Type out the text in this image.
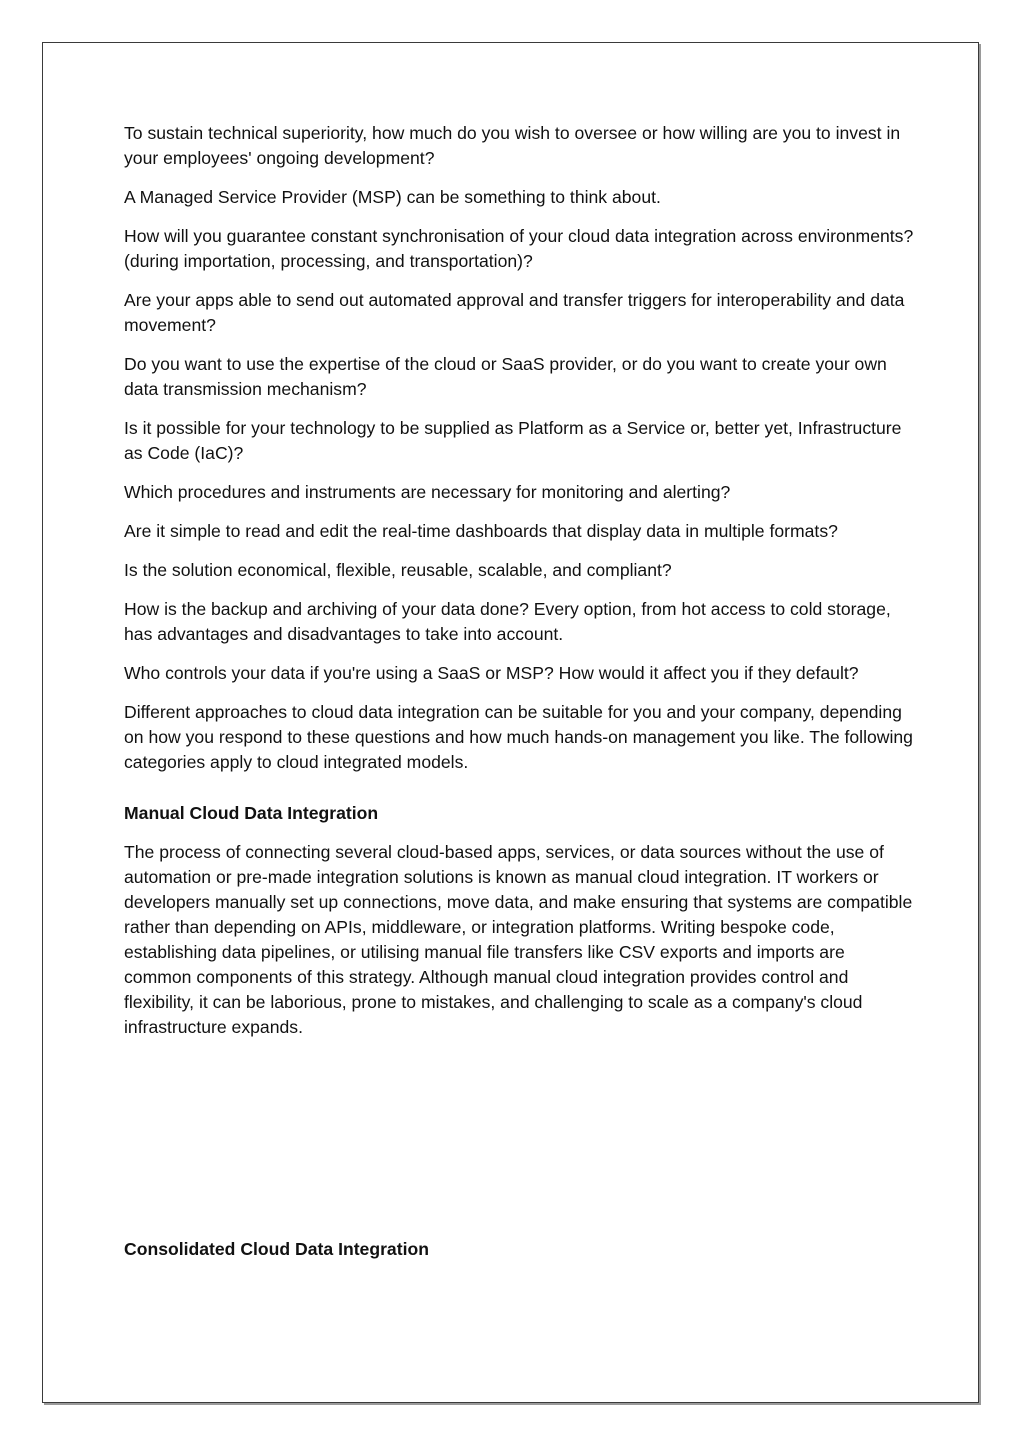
To sustain technical superiority, how much do you wish to oversee or how willing are you to invest in your employees' ongoing development?

A Managed Service Provider (MSP) can be something to think about.

How will you guarantee constant synchronisation of your cloud data integration across environments? (during importation, processing, and transportation)?

Are your apps able to send out automated approval and transfer triggers for interoperability and data movement?

Do you want to use the expertise of the cloud or SaaS provider, or do you want to create your own data transmission mechanism?

Is it possible for your technology to be supplied as Platform as a Service or, better yet, Infrastructure as Code (IaC)?

Which procedures and instruments are necessary for monitoring and alerting?

Are it simple to read and edit the real-time dashboards that display data in multiple formats?

Is the solution economical, flexible, reusable, scalable, and compliant?

How is the backup and archiving of your data done? Every option, from hot access to cold storage, has advantages and disadvantages to take into account.

Who controls your data if you're using a SaaS or MSP? How would it affect you if they default?

Different approaches to cloud data integration can be suitable for you and your company, depending on how you respond to these questions and how much hands-on management you like. The following categories apply to cloud integrated models.

Manual Cloud Data Integration

The process of connecting several cloud-based apps, services, or data sources without the use of automation or pre-made integration solutions is known as manual cloud integration. IT workers or developers manually set up connections, move data, and make ensuring that systems are compatible rather than depending on APIs, middleware, or integration platforms. Writing bespoke code, establishing data pipelines, or utilising manual file transfers like CSV exports and imports are common components of this strategy. Although manual cloud integration provides control and flexibility, it can be laborious, prone to mistakes, and challenging to scale as a company's cloud infrastructure expands.

Consolidated Cloud Data Integration
